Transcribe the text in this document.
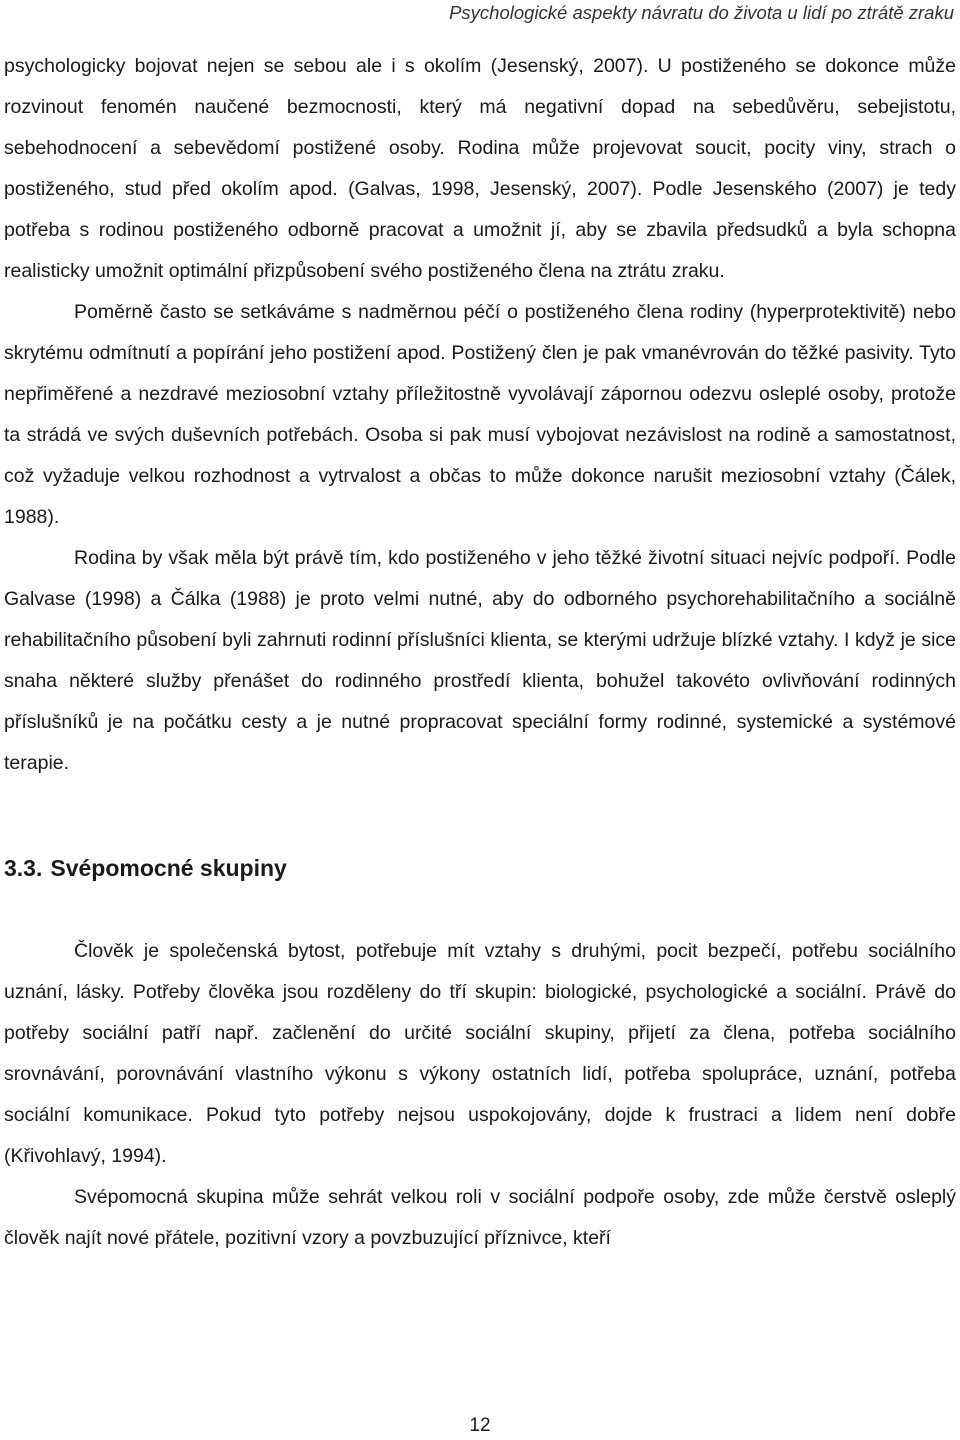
Psychologické aspekty návratu do života u lidí po ztrátě zraku

psychologicky bojovat nejen se sebou ale i s okolím (Jesenský, 2007). U postiženého se dokonce může rozvinout fenomén naučené bezmocnosti, který má negativní dopad na sebedůvěru, sebejistotu, sebehodnocení a sebevědomí postižené osoby. Rodina může projevovat soucit, pocity viny, strach o postiženého, stud před okolím apod. (Galvas, 1998, Jesenský, 2007). Podle Jesenského (2007) je tedy potřeba s rodinou postiženého odborně pracovat a umožnit jí, aby se zbavila předsudků a byla schopna realisticky umožnit optimální přizpůsobení svého postiženého člena na ztrátu zraku.

Poměrně často se setkáváme s nadměrnou péčí o postiženého člena rodiny (hyperprotektivitě) nebo skrytému odmítnutí a popírání jeho postižení apod. Postižený člen je pak vmanévrován do těžké pasivity. Tyto nepřiměřené a nezdravé meziosobní vztahy příležitostně vyvolávají zápornou odezvu osleplé osoby, protože ta strádá ve svých duševních potřebách. Osoba si pak musí vybojovat nezávislost na rodině a samostatnost, což vyžaduje velkou rozhodnost a vytrvalost a občas to může dokonce narušit meziosobní vztahy (Čálek, 1988).

Rodina by však měla být právě tím, kdo postiženého v jeho těžké životní situaci nejvíc podpoří. Podle Galvase (1998) a Čálka (1988) je proto velmi nutné, aby do odborného psychorehabilitačního a sociálně rehabilitačního působení byli zahrnuti rodinní příslušníci klienta, se kterými udržuje blízké vztahy. I když je sice snaha některé služby přenášet do rodinného prostředí klienta, bohužel takovéto ovlivňování rodinných příslušníků je na počátku cesty a je nutné propracovat speciální formy rodinné, systemické a systémové terapie.

3.3. Svépomocné skupiny

Člověk je společenská bytost, potřebuje mít vztahy s druhými, pocit bezpečí, potřebu sociálního uznání, lásky. Potřeby člověka jsou rozděleny do tří skupin: biologické, psychologické a sociální. Právě do potřeby sociální patří např. začlenění do určité sociální skupiny, přijetí za člena, potřeba sociálního srovnávání, porovnávání vlastního výkonu s výkony ostatních lidí, potřeba spolupráce, uznání, potřeba sociální komunikace. Pokud tyto potřeby nejsou uspokojovány, dojde k frustraci a lidem není dobře (Křivohlavý, 1994).

Svépomocná skupina může sehrát velkou roli v sociální podpoře osoby, zde může čerstvě osleplý člověk najít nové přátele, pozitivní vzory a povzbuzující příznivce, kteří

12
